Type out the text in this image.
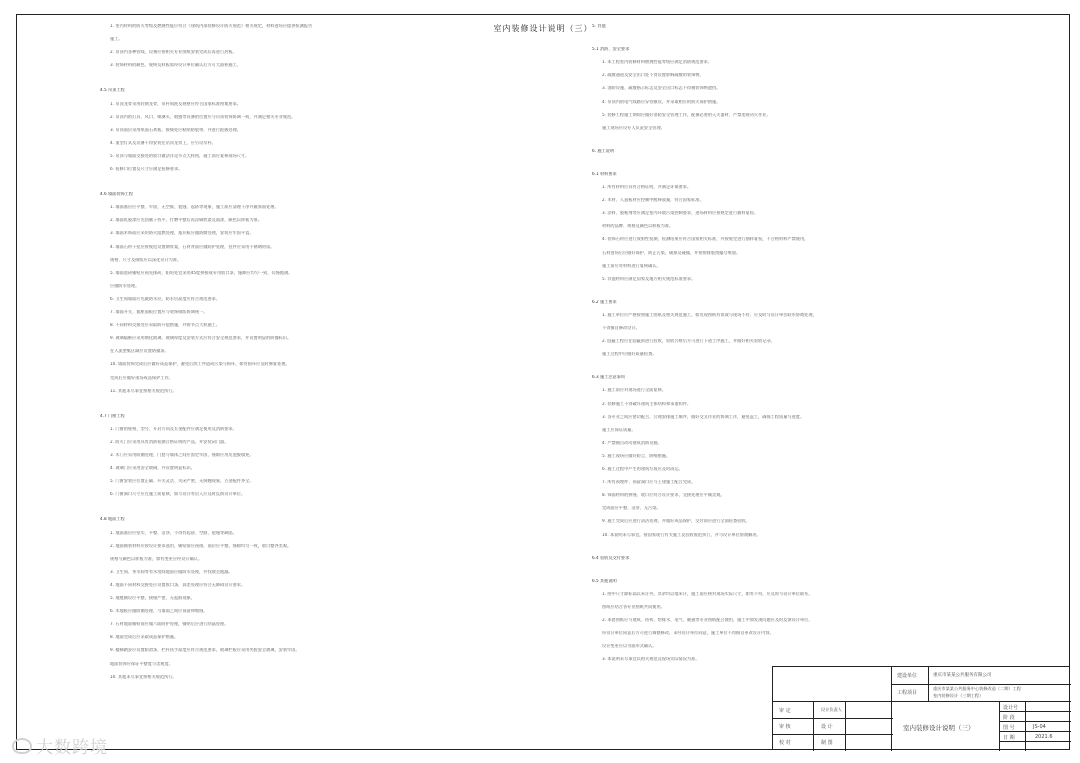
室内装修设计说明（三）
1. 室内材料的防火等级及燃烧性能应符合《建筑内部装修设计防火规范》相关规定，材料进场应提供检测报告
施工。
2. 吊顶内各种管线、设备应按相关专业图纸安装完成后再进行封板。
3. 装饰材料的颜色、规格及样板需经设计单位确认后方可大面积施工。
4.5 吊顶工程
1. 吊顶龙骨采用轻钢龙骨，吊杆间距及规格应符合国家标准图集要求。
2. 吊顶内的灯具、风口、喷淋头、烟感等设备的位置应与吊顶装饰协调一致，并满足相关专业规范。
3. 吊顶面层采用纸面石膏板，接缝处应粘贴防裂带，并进行批嵌处理。
4. 重型灯具及设备不得安装在吊顶龙骨上，应另设吊杆。
5. 吊顶与墙面交接处的收口做法详见节点大样图，施工前应复核现场尺寸。
6. 检修口位置及尺寸应满足检修要求。
4.6 墙面装饰工程
1. 墙面基层应平整、牢固，无空鼓、裂缝、起砂等现象，施工前应清理干净并做界面处理。
2. 墙面乳胶漆应先刮腻子找平，打磨平整后再涂刷底漆及面漆，颜色以样板为准。
3. 墙面木饰面应采用防火阻燃处理，基层板应做防腐处理，安装应牢固平直。
4. 墙面石材干挂应按规范设置钢骨架，石材背面应做防护处理，挂件应采用不锈钢材质。
规格、尺寸及排版应以深化设计为准。
5. 墙面瓷砖铺贴应预先排砖，阳角处宜采用45度拼接或专用收口条，缝隙应均匀一致，勾缝饱满。
应做防水处理。
6. 卫生间墙面应先做防水层，防水层高度应符合规范要求。
7. 墙面开关、插座面板位置应与装饰排版协调统一。
8. 不同材料交接处应采取防开裂措施，并按节点大样施工。
9. 玻璃隔断应采用钢化玻璃，玻璃厚度及安装方式应符合安全规范要求，并设置明显的防撞标识。
在人流密集区域应设置防撞条。
10. 墙面装饰完成后应做好成品保护，避免后续工序造成污染与损坏，如有损坏应及时修复处理。
完成后应做好现场成品保护工作。
11. 其他未尽事宜按相关规范执行。
4.7 门窗工程
1. 门窗的规格、型号、开启方向及五金配件应满足使用及消防要求。
2. 防火门应采用具有消防检测合格证明的产品，并安装闭门器。
3. 木门应采用防潮处理，门套与墙体之间应固定牢固，缝隙应用发泡胶填充。
4. 玻璃门应采用安全玻璃，并设置明显标识。
5. 门窗安装应位置正确、开关灵活、关闭严密，无倒翘现象，五金配件齐全。
6. 门窗洞口尺寸应在施工前复核，如与设计有出入应及时反馈设计单位。
4.8 地面工程
1. 地面基层应坚实、平整、洁净，不得有起砂、空鼓、裂缝等缺陷。
2. 地面铺装材料应按设计要求选用，铺贴前应预排，面层应平整，缝隙均匀一致，收口整齐美观。
规格与颜色以样板为准，如有变更应经设计确认。
3. 卫生间、茶水间等有水房间地面应做防水处理，并找坡至地漏。
4. 地面不同材料交接处应设置收口条，高差处理应符合无障碍设计要求。
5. 地毯铺设应平整，接缝严密，无起鼓现象。
6. 木地板应做防潮处理，与墙面之间应预留伸缩缝。
7. 石材地面铺贴前应做六面防护处理，铺贴后应进行结晶处理。
8. 地面完成后应采取成品保护措施。
9. 楼梯踏步应设置防滑条，栏杆扶手高度应符合规范要求，玻璃栏板应采用夹胶安全玻璃，安装牢固。
地面装饰应保证平整度与美观度。
10. 其他未尽事宜按相关规范执行。
5. 其他
5.1 消防、安全要求
1. 本工程室内装修材料燃烧性能等级应满足消防规范要求。
2. 疏散通道及安全出口处不得设置影响疏散的装饰物。
3. 消防设施、疏散指示标志及安全出口标志不得被装饰物遮挡。
4. 吊顶内的电气线路应穿管敷设，并采取相应的防火保护措施。
5. 装修工程施工期间应做好消防安全管理工作，配备必要的灭火器材，严禁违规动火作业。
施工现场应设专人负责安全管理。
6. 施工说明
6.1 材料要求
1. 所有材料应具有合格证明，并满足环保要求。
2. 木材、人造板材应控制甲醛释放量，符合国家标准。
3. 涂料、胶粘剂等应满足室内环境污染控制要求，进场材料应按规定进行抽样复检。
材料的品牌、规格及颜色以样板为准。
4. 装饰石材应进行放射性检测，检测结果应符合国家相关标准，并按规定进行抽样复检，不合格材料严禁使用，
石材进场后应做好保护，防止污染、破损及碰撞，并按照排版图编号堆放。
施工前应对材料进行复核确认。
5. 其他材料应满足国家及地方相关规范标准要求。
6.2 施工要求
1. 施工单位应严格按照施工图纸及相关规范施工，如发现图纸有误或与现场不符，应及时与设计单位联系协商处理，
不得擅自修改设计。
2. 隐蔽工程应在隐蔽前进行验收，验收合格后方可进行下道工序施工，并做好相关验收记录。
施工过程中应做好质量检查。
6.3 施工注意事项
1. 施工前应对现场进行全面复核。
2. 装修施工不得破坏建筑主体结构和承重构件。
3. 各专业之间应密切配合，合理安排施工顺序，做好交叉作业的协调工作，避免返工，确保工程质量与进度。
施工应保证质量。
4. 严禁擅自改动建筑消防设施。
5. 施工现场应做好防尘、防噪措施。
6. 施工过程中产生的建筑垃圾应及时清运。
7. 所有预埋件、预留洞口应与土建施工配合完成。
8. 饰面材料的拼缝、收口应符合设计要求，交接处理应平顺美观。
完成面应平整、洁净、无污染。
9. 施工完成后应进行清洁处理，并做好成品保护，交付前应进行全面检查验收。
10. 本说明未尽事宜，按国家现行有关施工及验收规范执行，并与设计单位协商解决。
6.4 验收及交付要求
6.5 其他说明
1. 图中尺寸除标高以米计外，其余均以毫米计，施工前应核对现场实际尺寸，如有不符，应及时与设计单位联系。
图纸应结合各专业图纸共同使用。
2. 本套图纸应与建筑、结构、给排水、电气、暖通等专业图纸配合使用，施工中如发现问题应及时反馈设计单位，
经设计单位同意后方可进行调整修改，未经设计单位同意，施工单位不得擅自更改设计内容。
设计变更应以书面形式确认。
3. 本说明未尽事宜以相关规范及现场实际情况为准。
建设单位	重庆市某某公共服务有限公司
工程项目
重庆市某某公共服务中心装修改造（二期）工程
室内装修设计（三期工程）
审 定	设计负责人
审 核	设 计
校 对	制 图
室内装修设计说明（三）
设计号
阶 段
图 号	JS-04
日 期	2021.6
大数跨境
